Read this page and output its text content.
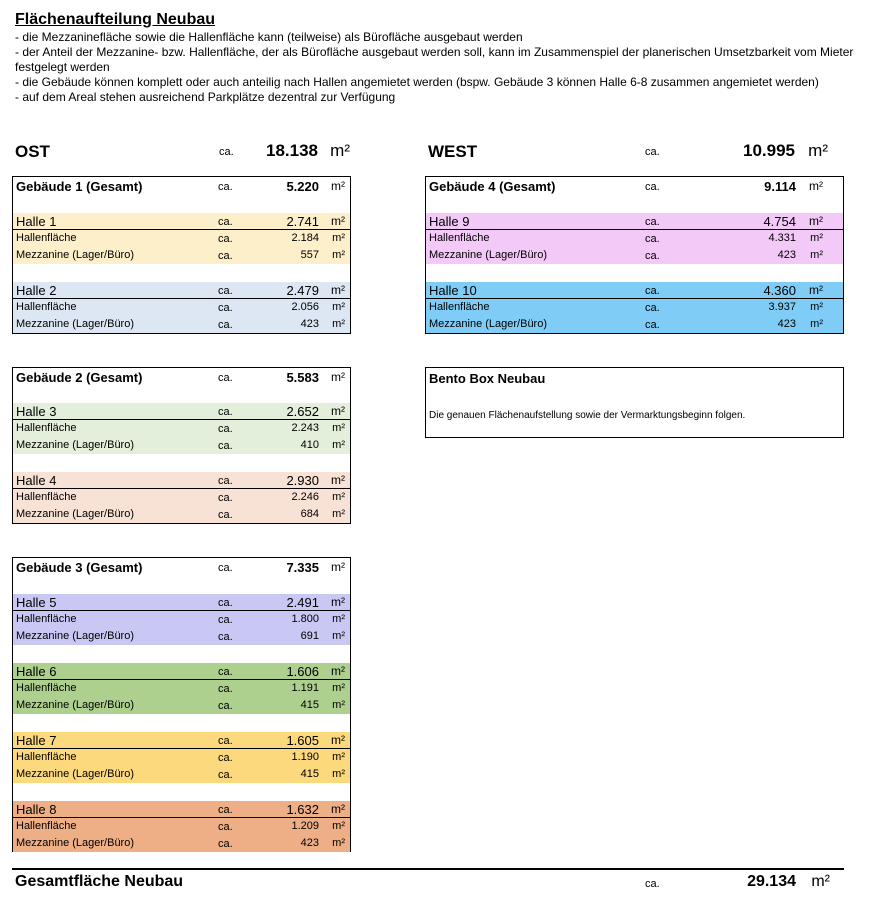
Flächenaufteilung Neubau
- die Mezzaninefläche sowie die Hallenfläche kann (teilweise) als Bürofläche ausgebaut werden
- der Anteil der Mezzanine- bzw. Hallenfläche, der als Bürofläche ausgebaut werden soll, kann im Zusammenspiel der planerischen Umsetzbarkeit vom Mieter festgelegt werden
- die Gebäude können komplett oder auch anteilig nach Hallen angemietet werden (bspw. Gebäude 3 können Halle 6-8 zusammen angemietet werden)
- auf dem Areal stehen ausreichend Parkplätze dezentral zur Verfügung
OST	ca. 18.138 m²	WEST	ca.	10.995 m²
Gebäude 1 (Gesamt)	ca.	5.220 m²
Halle 1	ca.	2.741 m²
Hallenfläche	ca.	2.184 m²
Mezzanine (Lager/Büro)	ca.	557 m²
Halle 2	ca.	2.479 m²
Hallenfläche	ca.	2.056 m²
Mezzanine (Lager/Büro)	ca.	423 m²
Gebäude 4 (Gesamt)	ca.	9.114 m²
Halle 9	ca.	4.754 m²
Hallenfläche	ca.	4.331 m²
Mezzanine (Lager/Büro)	ca.	423 m²
Halle 10	ca.	4.360 m²
Hallenfläche	ca.	3.937 m²
Mezzanine (Lager/Büro)	ca.	423 m²
Gebäude 2 (Gesamt)	ca.	5.583 m²
Halle 3	ca.	2.652 m²
Hallenfläche	ca.	2.243 m²
Mezzanine (Lager/Büro)	ca.	410 m²
Halle 4	ca.	2.930 m²
Hallenfläche	ca.	2.246 m²
Mezzanine (Lager/Büro)	ca.	684 m²
Bento Box Neubau
Die genauen Flächenaufstellung sowie der Vermarktungsbeginn folgen.
Gebäude 3 (Gesamt)	ca.	7.335 m²
Halle 5	ca.	2.491 m²
Hallenfläche	ca.	1.800 m²
Mezzanine (Lager/Büro)	ca.	691 m²
Halle 6	ca.	1.606 m²
Hallenfläche	ca.	1.191 m²
Mezzanine (Lager/Büro)	ca.	415 m²
Halle 7	ca.	1.605 m²
Hallenfläche	ca.	1.190 m²
Mezzanine (Lager/Büro)	ca.	415 m²
Halle 8	ca.	1.632 m²
Hallenfläche	ca.	1.209 m²
Mezzanine (Lager/Büro)	ca.	423 m²
Gesamtfläche Neubau	ca.	29.134 m²
